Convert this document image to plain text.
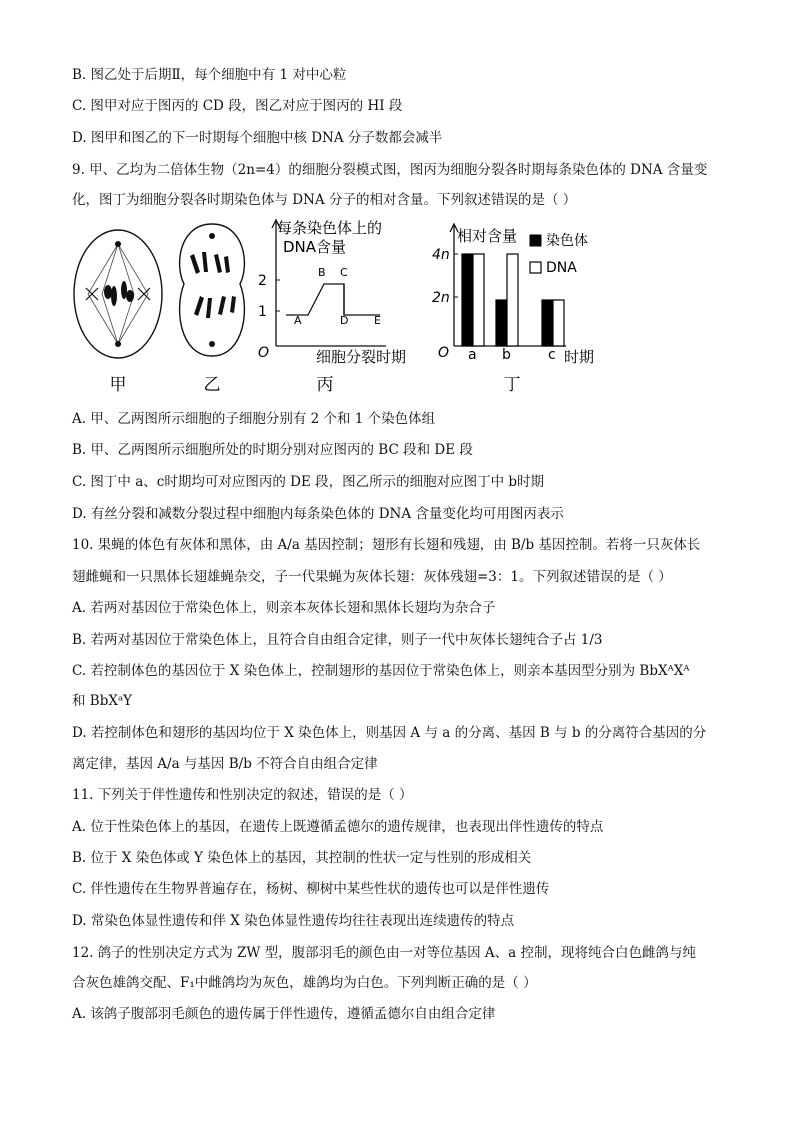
B. 图乙处于后期Ⅱ，每个细胞中有 1 对中心粒
C. 图甲对应于图丙的 CD 段，图乙对应于图丙的 HI 段
D. 图甲和图乙的下一时期每个细胞中核 DNA 分子数都会减半
9. 甲、乙均为二倍体生物（2n=4）的细胞分裂模式图，图丙为细胞分裂各时期每条染色体的 DNA 含量变
化，图丁为细胞分裂各时期染色体与 DNA 分子的相对含量。下列叙述错误的是（ ）
A. 甲、乙两图所示细胞的子细胞分别有 2 个和 1 个染色体组
B. 甲、乙两图所示细胞所处的时期分别对应图丙的 BC 段和 DE 段
C. 图丁中 a、c时期均可对应图丙的 DE 段，图乙所示的细胞对应图丁中 b时期
D. 有丝分裂和减数分裂过程中细胞内每条染色体的 DNA 含量变化均可用图丙表示
10. 果蝇的体色有灰体和黑体，由 A/a 基因控制；翅形有长翅和残翅，由 B/b 基因控制。若将一只灰体长
翅雌蝇和一只黑体长翅雄蝇杂交，子一代果蝇为灰体长翅：灰体残翅=3：1。下列叙述错误的是（ ）
A. 若两对基因位于常染色体上，则亲本灰体长翅和黑体长翅均为杂合子
B. 若两对基因位于常染色体上，且符合自由组合定律，则子一代中灰体长翅纯合子占 1/3
C. 若控制体色的基因位于 X 染色体上，控制翅形的基因位于常染色体上，则亲本基因型分别为 BbXᴬXᴬ
和 BbXᵃY
D. 若控制体色和翅形的基因均位于 X 染色体上，则基因 A 与 a 的分离、基因 B 与 b 的分离符合基因的分
离定律，基因 A/a 与基因 B/b 不符合自由组合定律
11. 下列关于伴性遗传和性别决定的叙述，错误的是（ ）
A. 位于性染色体上的基因，在遗传上既遵循孟德尔的遗传规律，也表现出伴性遗传的特点
B. 位于 X 染色体或 Y 染色体上的基因，其控制的性状一定与性别的形成相关
C. 伴性遗传在生物界普遍存在，杨树、柳树中某些性状的遗传也可以是伴性遗传
D. 常染色体显性遗传和伴 X 染色体显性遗传均往往表现出连续遗传的特点
12. 鸽子的性别决定方式为 ZW 型，腹部羽毛的颜色由一对等位基因 A、a 控制，现将纯合白色雌鸽与纯
合灰色雄鸽交配、F₁中雌鸽均为灰色，雄鸽均为白色。下列判断正确的是（ ）
A. 该鸽子腹部羽毛颜色的遗传属于伴性遗传，遵循孟德尔自由组合定律
甲	乙
每条染色体上的
DNA含量
2
1
O
A
B C
D E
细胞分裂时期
丙
相对含量
4n
2n
O a b	c 时期
染色体
DNA
丁
